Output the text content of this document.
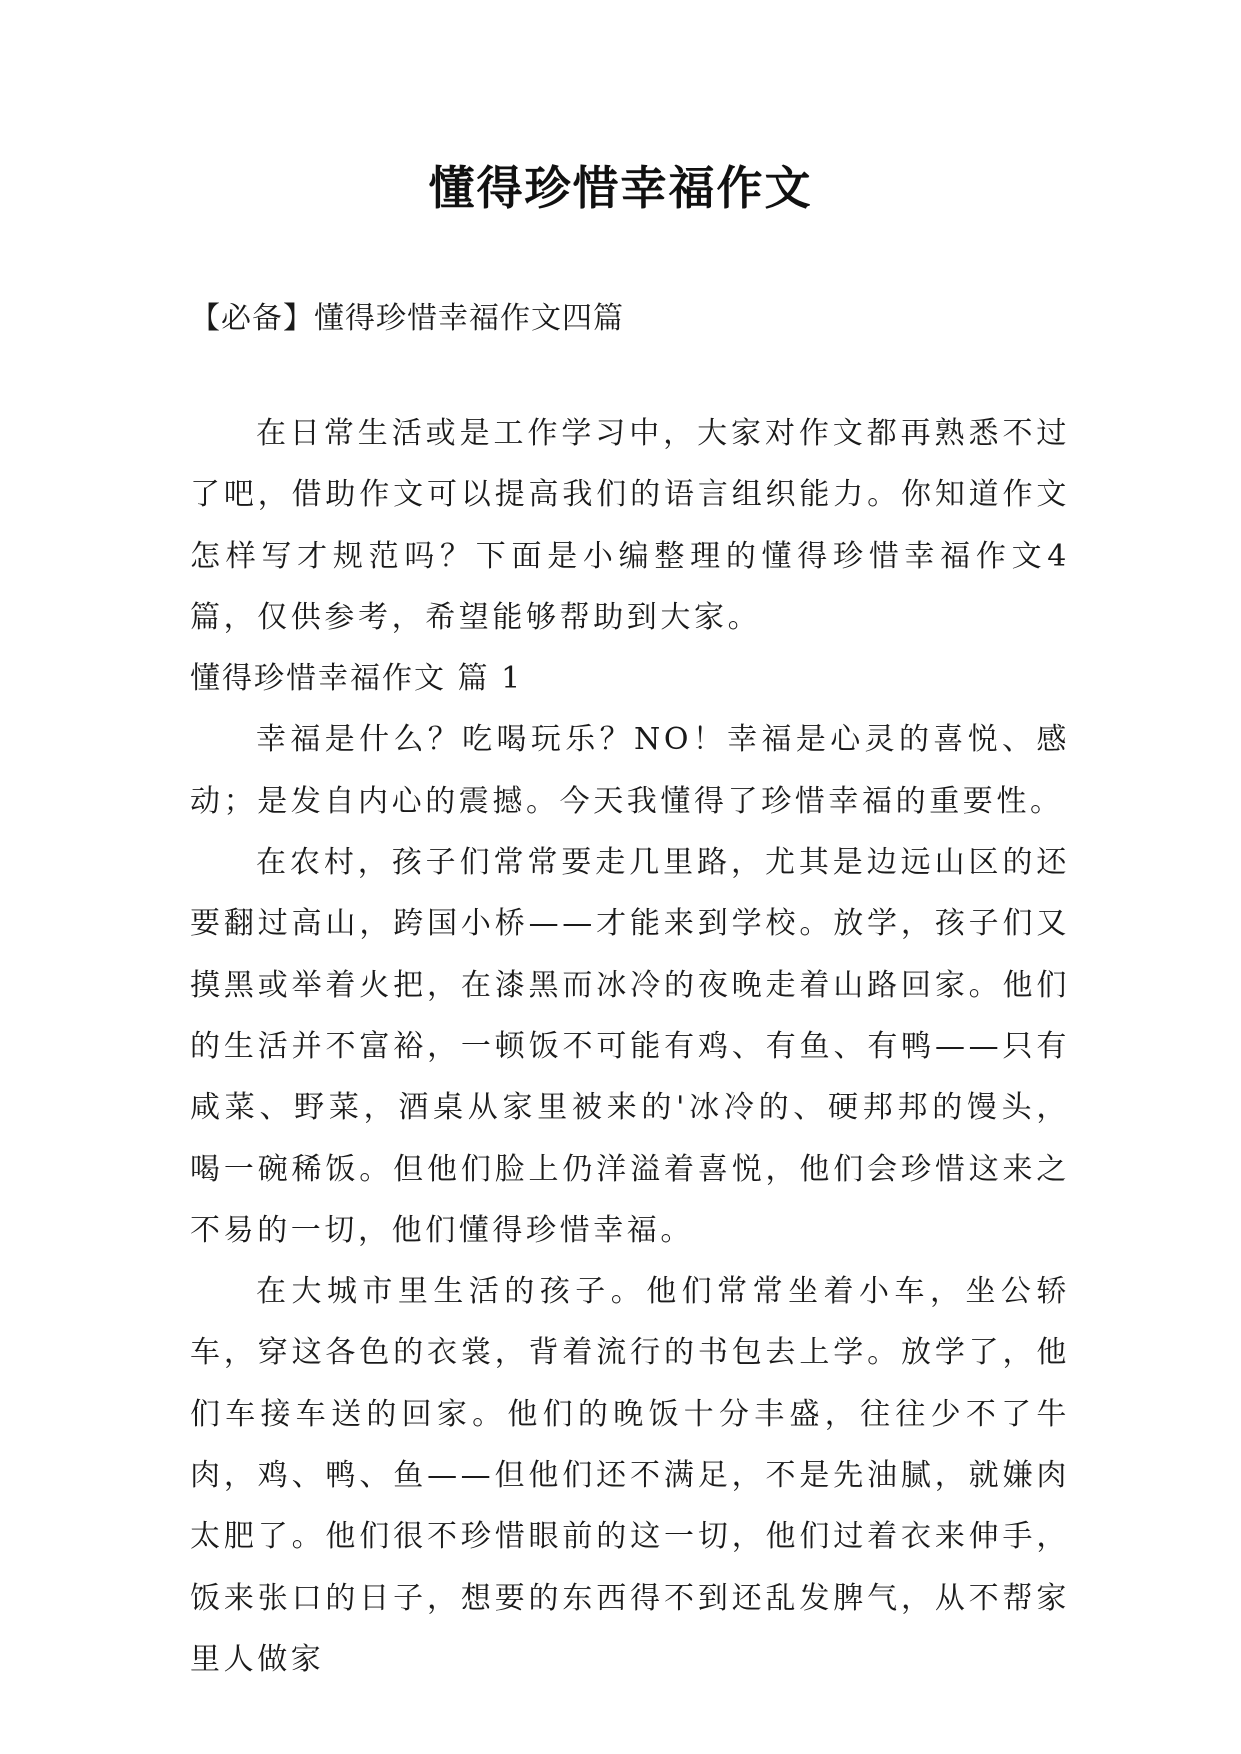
懂得珍惜幸福作文
【必备】懂得珍惜幸福作文四篇

在日常生活或是工作学习中，大家对作文都再熟悉不过了吧，借助作文可以提高我们的语言组织能力。你知道作文怎样写才规范吗？下面是小编整理的懂得珍惜幸福作文4篇，仅供参考，希望能够帮助到大家。

懂得珍惜幸福作文 篇 1

幸福是什么？吃喝玩乐？NO！幸福是心灵的喜悦、感动；是发自内心的震撼。今天我懂得了珍惜幸福的重要性。

在农村，孩子们常常要走几里路，尤其是边远山区的还要翻过高山，跨国小桥——才能来到学校。放学，孩子们又摸黑或举着火把，在漆黑而冰冷的夜晚走着山路回家。他们的生活并不富裕，一顿饭不可能有鸡、有鱼、有鸭——只有咸菜、野菜，酒桌从家里被来的'冰冷的、硬邦邦的馒头，喝一碗稀饭。但他们脸上仍洋溢着喜悦，他们会珍惜这来之不易的一切，他们懂得珍惜幸福。

在大城市里生活的孩子。他们常常坐着小车，坐公轿车，穿这各色的衣裳，背着流行的书包去上学。放学了，他们车接车送的回家。他们的晚饭十分丰盛，往往少不了牛肉，鸡、鸭、鱼——但他们还不满足，不是先油腻，就嫌肉太肥了。他们很不珍惜眼前的这一切，他们过着衣来伸手，饭来张口的日子，想要的东西得不到还乱发脾气，从不帮家里人做家
